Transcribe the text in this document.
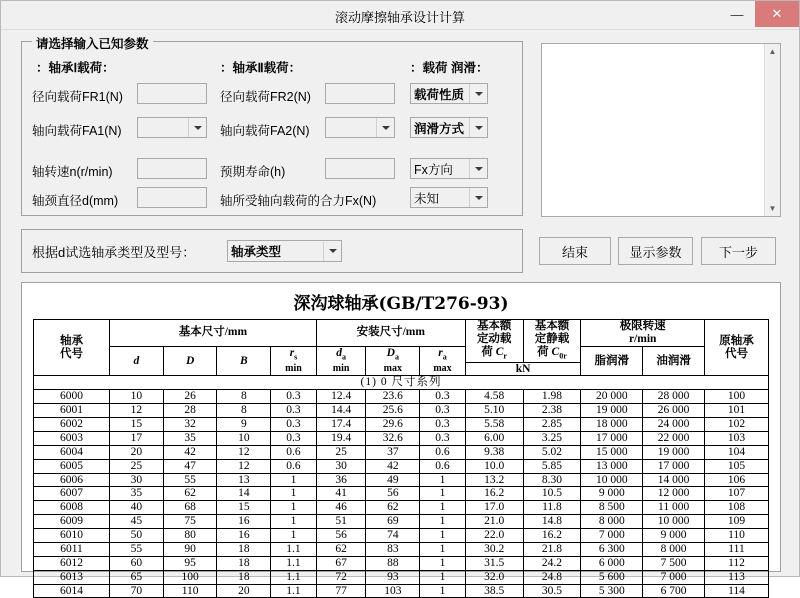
滚动摩擦轴承设计计算	—	✕
请选择输入已知参数
：轴承Ⅰ载荷：	：轴承Ⅱ载荷：	：载荷 润滑：
径向载荷FR1(N)
轴向载荷FA1(N)
轴转速n(r/min)
轴颈直径d(mm)
径向载荷FR2(N)
轴向载荷FA2(N)
预期寿命(h)
轴所受轴向载荷的合力Fx(N)
载荷性质
润滑方式
Fx方向
未知
▲
▼
根据d试选轴承类型及型号：	轴承类型	结束	显示参数	下一步
深沟球轴承(GB/T276-93)
轴承
代号
	基本尺寸/mm	安装尺寸/mm	
基本额
定动载
荷 $C_r$

基本额
定静载
荷 $C_{0r}$

极限转速
r/min	原轴承
代号

	d	D	B	$r_s$	$d_a$	$D_a$	$r_a$			脂润滑	油润滑	
				min	min	max	max	kN				
(1) 0 尺寸系列												
6000	10	26	8	0.3	12.4	23.6	0.3	4.58	1.98	20 000	28 000	100
6001	12	28	8	0.3	14.4	25.6	0.3	5.10	2.38	19 000	26 000	101
6002	15	32	9	0.3	17.4	29.6	0.3	5.58	2.85	18 000	24 000	102
6003	17	35	10	0.3	19.4	32.6	0.3	6.00	3.25	17 000	22 000	103
6004	20	42	12	0.6	25	37	0.6	9.38	5.02	15 000	19 000	104
6005	25	47	12	0.6	30	42	0.6	10.0	5.85	13 000	17 000	105
6006	30	55	13	1	36	49	1	13.2	8.30	10 000	14 000	106
6007	35	62	14	1	41	56	1	16.2	10.5	9 000	12 000	107
6008	40	68	15	1	46	62	1	17.0	11.8	8 500	11 000	108
6009	45	75	16	1	51	69	1	21.0	14.8	8 000	10 000	109
6010	50	80	16	1	56	74	1	22.0	16.2	7 000	9 000	110
6011	55	90	18	1.1	62	83	1	30.2	21.8	6 300	8 000	111
6012	60	95	18	1.1	67	88	1	31.5	24.2	6 000	7 500	112
6013	65	100	18	1.1	72	93	1	32.0	24.8	5 600	7 000	113
6014	70	110	20	1.1	77	103	1	38.5	30.5	5 300	6 700	114
